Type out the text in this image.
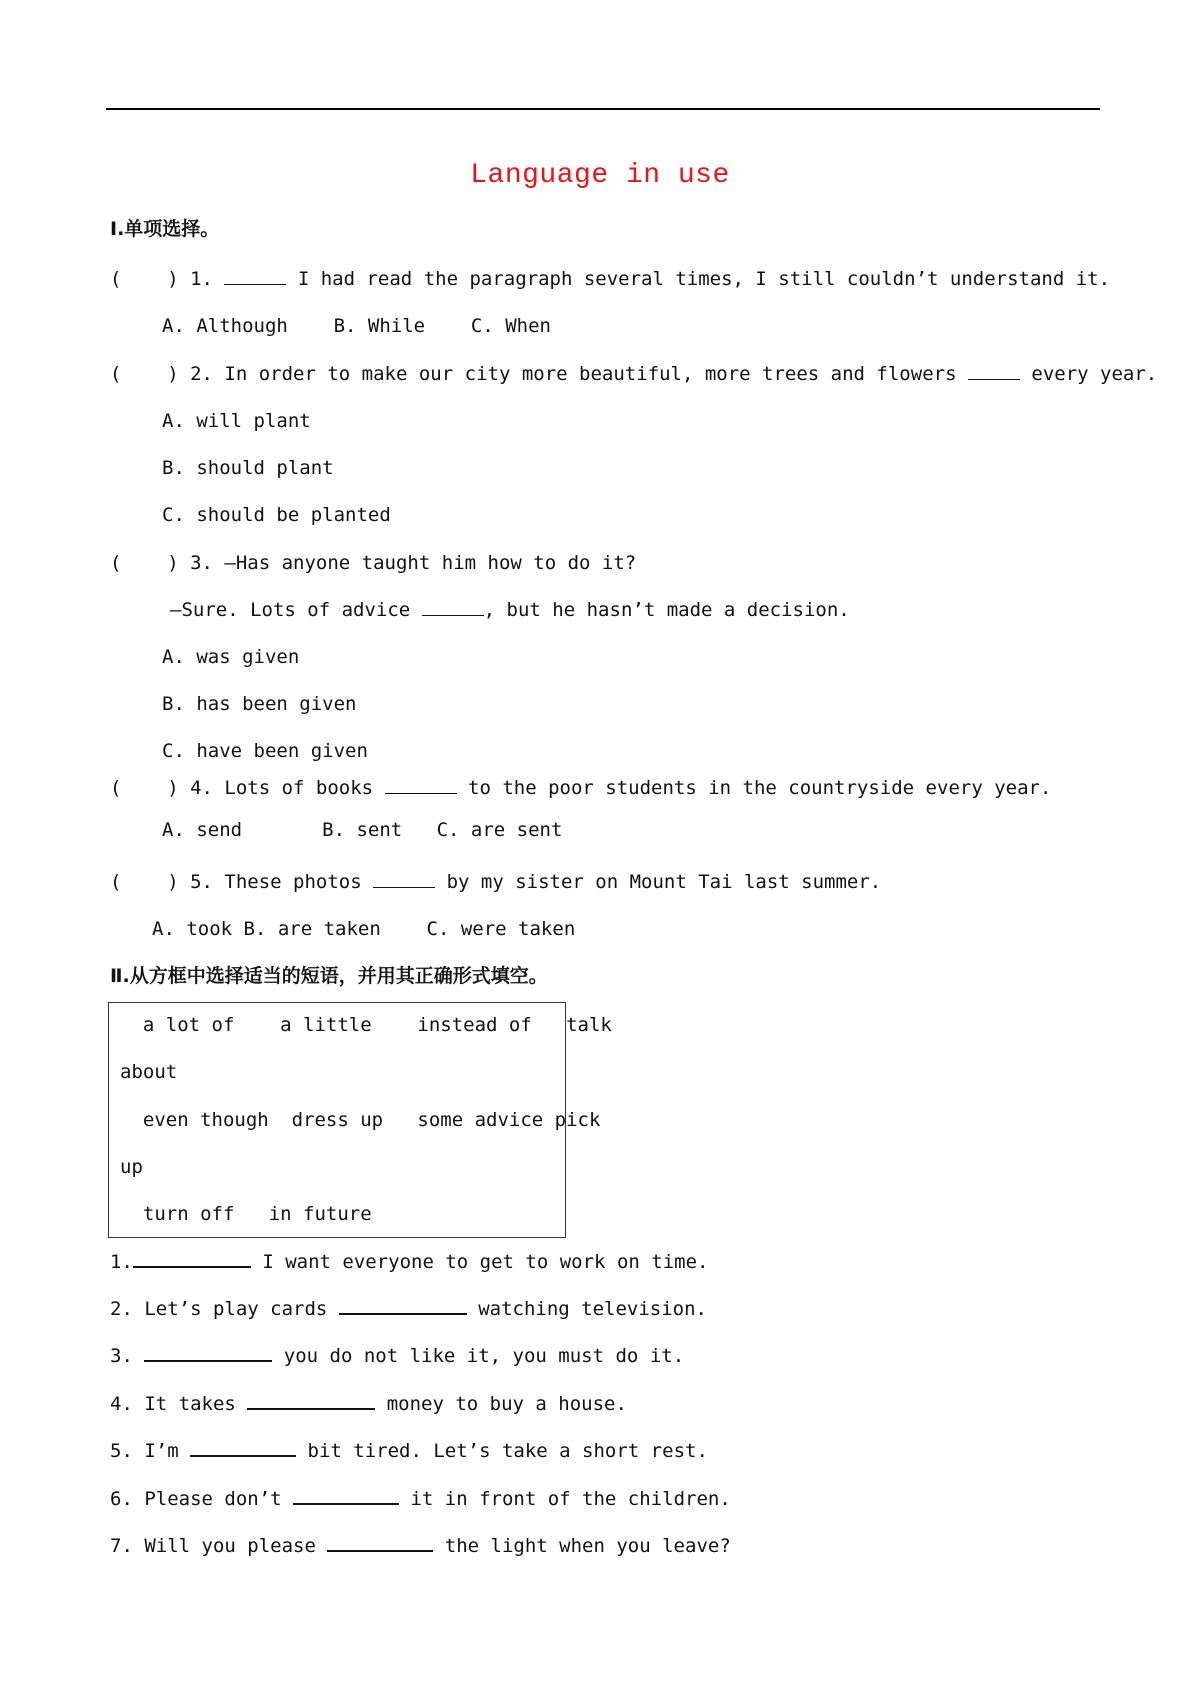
Language in use
Ⅰ.单项选择。
(    ) 1.	I had read the paragraph several times, I still couldn’t understand it.
A. Although B. While C. When
(    ) 2. In order to make our city more beautiful, more trees and flowers	every year.
A. will plant
B. should plant
C. should be planted
(    ) 3. —Has anyone taught him how to do it?
—Sure. Lots of advice	, but he hasn’t made a decision.
A. was given
B. has been given
C. have been given
(    ) 4. Lots of books	to the poor students in the countryside every year.
A. send	B. sent C. are sent
(    ) 5. These photos	by my sister on Mount Tai last summer.
A. took B. are taken C. were taken
Ⅱ.从方框中选择适当的短语，并用其正确形式填空。
a lot of    a little    instead of   talk
about
even though  dress up   some advice pick
up
turn off   in future
1.	I want everyone to get to work on time.
2. Let’s play cards	watching television.
3.	you do not like it, you must do it.
4. It takes	money to buy a house.
5. I’m	bit tired. Let’s take a short rest.
6. Please don’t	it in front of the children.
7. Will you please	the light when you leave?
